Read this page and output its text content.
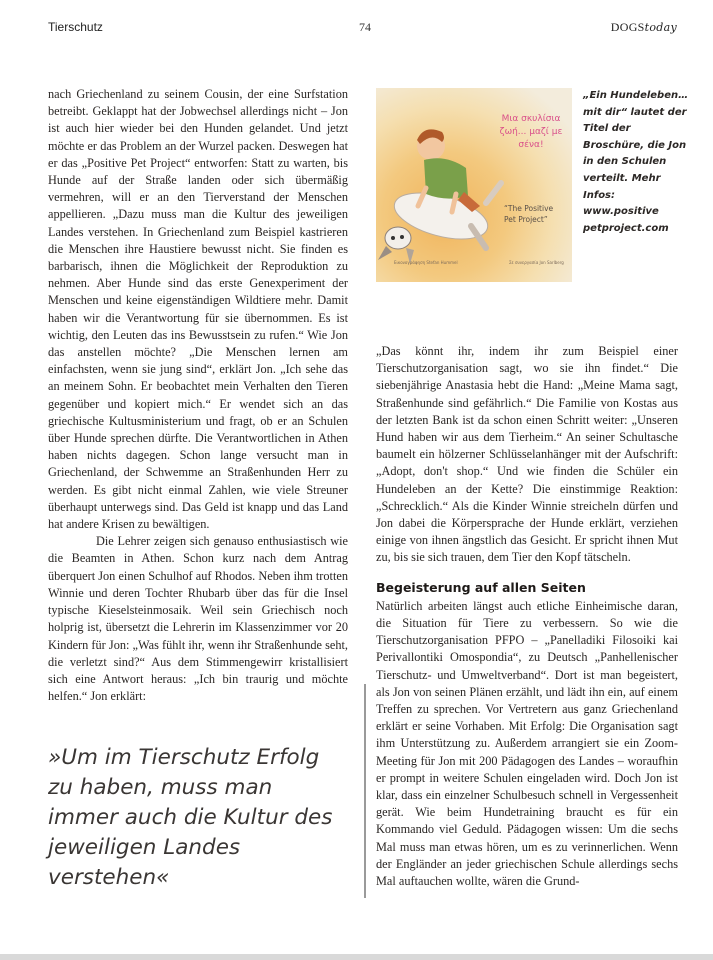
Tierschutz	74	DOGStoday

nach Griechenland zu seinem Cousin, der eine Surfstation betreibt. Geklappt hat der Jobwechsel allerdings nicht – Jon ist auch hier wieder bei den Hunden gelandet. Und jetzt möchte er das Problem an der Wurzel packen. Deswegen hat er das „Positive Pet Project“ entworfen: Statt zu warten, bis Hunde auf der Straße landen oder sich übermäßig vermehren, will er an den Tierverstand der Menschen appellieren. „Dazu muss man die Kultur des jeweiligen Landes verstehen. In Griechenland zum Beispiel kastrieren die Menschen ihre Haustiere bewusst nicht. Sie finden es barbarisch, ihnen die Möglichkeit der Reproduktion zu nehmen. Aber Hunde sind das erste Genexperiment der Menschen und keine eigenständigen Wildtiere mehr. Damit haben wir die Verantwortung für sie übernommen. Es ist wichtig, den Leuten das ins Bewusstsein zu rufen.“ Wie Jon das anstellen möchte? „Die Menschen lernen am einfachsten, wenn sie jung sind“, erklärt Jon. „Ich sehe das an meinem Sohn. Er beobachtet mein Verhalten den Tieren gegenüber und kopiert mich.“ Er wendet sich an das griechische Kultusministerium und fragt, ob er an Schulen über Hunde sprechen dürfte. Die Verantwortlichen in Athen haben nichts dagegen. Schon lange versucht man in Griechenland, der Schwemme an Straßenhunden Herr zu werden. Es gibt nicht einmal Zahlen, wie viele Streuner überhaupt unterwegs sind. Das Geld ist knapp und das Land hat andere Krisen zu bewältigen.

Die Lehrer zeigen sich genauso enthusiastisch wie die Beamten in Athen. Schon kurz nach dem Antrag überquert Jon einen Schulhof auf Rhodos. Neben ihm trotten Winnie und deren Tochter Rhubarb über das für die Insel typische Kieselsteinmosaik. Weil sein Griechisch noch holprig ist, übersetzt die Lehrerin im Klassenzimmer vor 20 Kindern für Jon: „Was fühlt ihr, wenn ihr Straßenhunde seht, die verletzt sind?“ Aus dem Stimmengewirr kristallisiert sich eine Antwort heraus: „Ich bin traurig und möchte helfen.“ Jon erklärt:

»Um im Tierschutz Erfolg zu haben, muss man immer auch die Kultur des jeweiligen Landes verstehen«
Μια σκυλίσια ζωή... μαζί με σένα!
“The Positive Pet Project”
Εικονογράφηση Stefan Hummel	Σε συνεργασία Jon Sarlberg
„Ein Hundeleben… mit dir“ lautet der Titel der Broschüre, die Jon in den Schulen verteilt. Mehr Infos: www.positive petproject.com

„Das könnt ihr, indem ihr zum Beispiel einer Tierschutzorganisation sagt, wo sie ihn findet.“ Die siebenjährige Anastasia hebt die Hand: „Meine Mama sagt, Straßenhunde sind gefährlich.“ Die Familie von Kostas aus der letzten Bank ist da schon einen Schritt weiter: „Unseren Hund haben wir aus dem Tierheim.“ An seiner Schultasche baumelt ein hölzerner Schlüsselanhänger mit der Aufschrift: „Adopt, don't shop.“ Und wie finden die Schüler ein Hundeleben an der Kette? Die einstimmige Reaktion: „Schrecklich.“ Als die Kinder Winnie streicheln dürfen und Jon dabei die Körpersprache der Hunde erklärt, verziehen einige von ihnen ängstlich das Gesicht. Er spricht ihnen Mut zu, bis sie sich trauen, dem Tier den Kopf tätscheln.

Begeisterung auf allen Seiten

Natürlich arbeiten längst auch etliche Einheimische daran, die Situation für Tiere zu verbessern. So wie die Tierschutzorganisation PFPO – „Panelladiki Filosoiki kai Perivallontiki Omospondia“, zu Deutsch „Panhellenischer Tierschutz- und Umweltverband“. Dort ist man begeistert, als Jon von seinen Plänen erzählt, und lädt ihn ein, auf einem Treffen zu sprechen. Vor Vertretern aus ganz Griechenland erklärt er seine Vorhaben. Mit Erfolg: Die Organisation sagt ihm Unterstützung zu. Außerdem arrangiert sie ein Zoom-Meeting für Jon mit 200 Pädagogen des Landes – woraufhin er prompt in weitere Schulen eingeladen wird. Doch Jon ist klar, dass ein einzelner Schulbesuch schnell in Vergessenheit gerät. Wie beim Hundetraining braucht es für ein Kommando viel Geduld. Pädagogen wissen: Um die sechs Mal muss man etwas hören, um es zu verinnerlichen. Wenn der Engländer an jeder griechischen Schule allerdings sechs Mal auftauchen wollte, wären die Grund-
